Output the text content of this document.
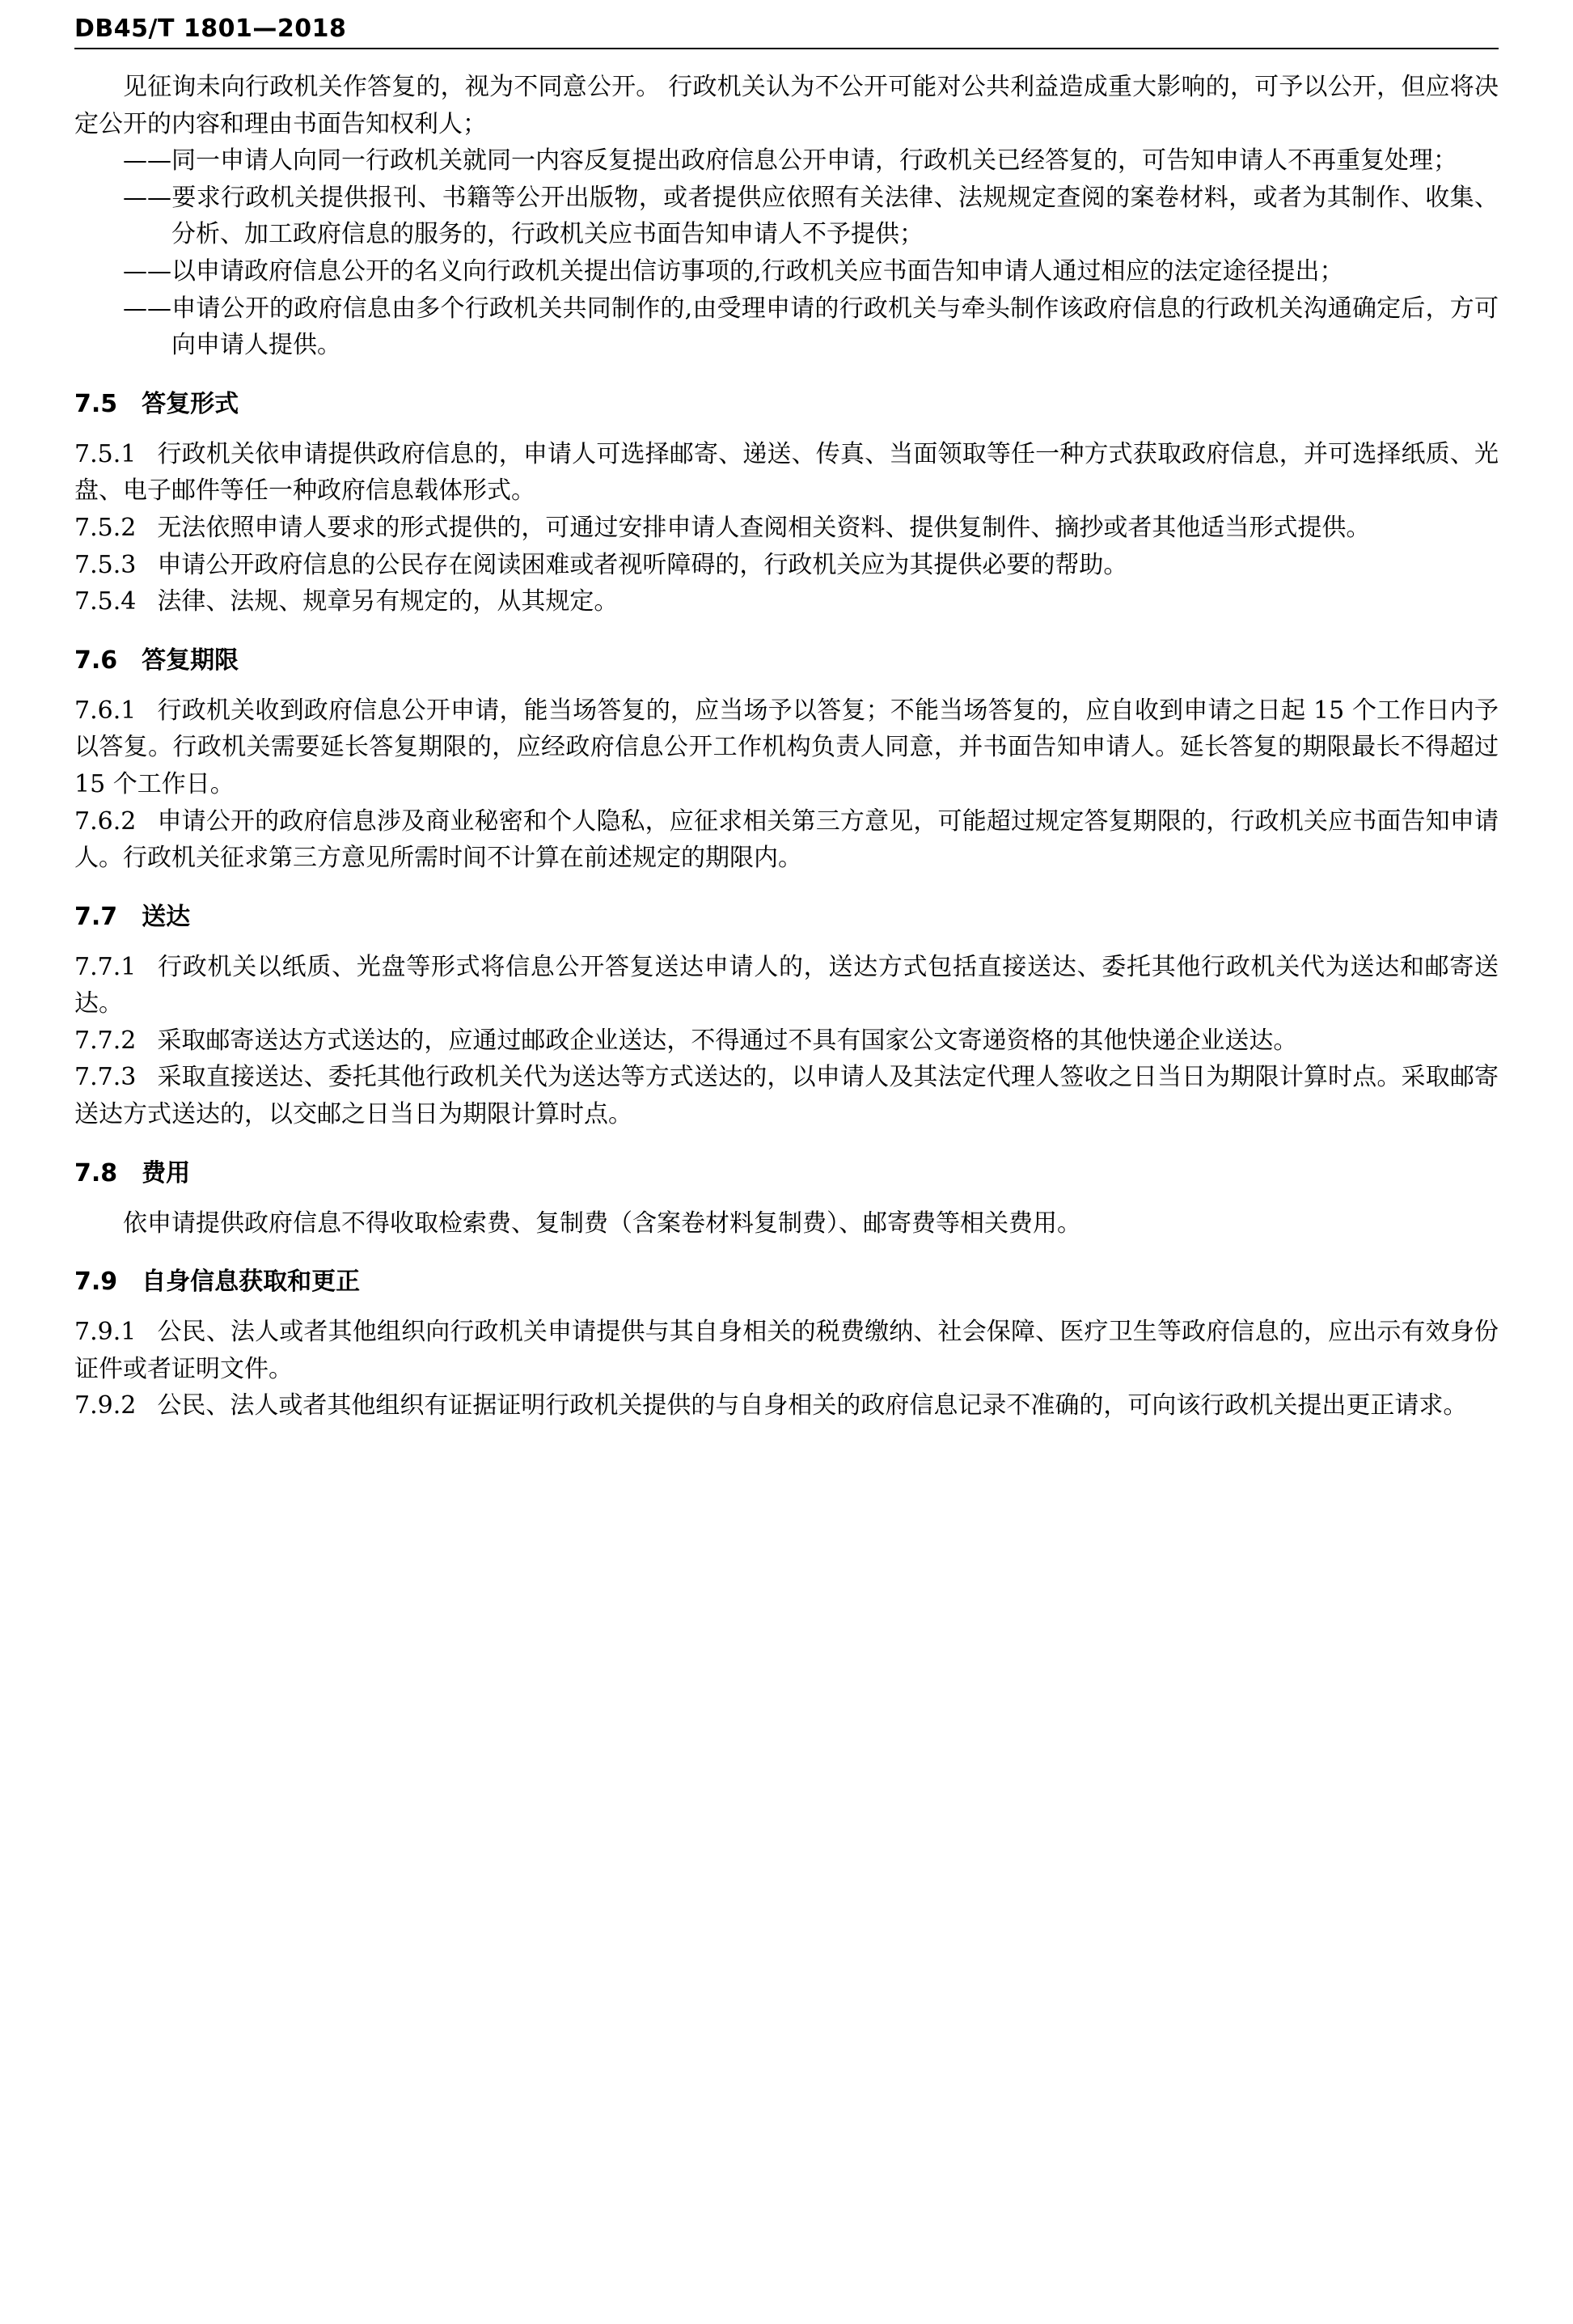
DB45/T 1801—2018

见征询未向行政机关作答复的，视为不同意公开。 行政机关认为不公开可能对公共利益造成重大影响的，可予以公开，但应将决定公开的内容和理由书面告知权利人；

——同一申请人向同一行政机关就同一内容反复提出政府信息公开申请，行政机关已经答复的，可告知申请人不再重复处理；

——要求行政机关提供报刊、书籍等公开出版物，或者提供应依照有关法律、法规规定查阅的案卷材料，或者为其制作、收集、分析、加工政府信息的服务的，行政机关应书面告知申请人不予提供；

——以申请政府信息公开的名义向行政机关提出信访事项的,行政机关应书面告知申请人通过相应的法定途径提出；

——申请公开的政府信息由多个行政机关共同制作的,由受理申请的行政机关与牵头制作该政府信息的行政机关沟通确定后，方可向申请人提供。

7.5 答复形式

7.5.1 行政机关依申请提供政府信息的，申请人可选择邮寄、递送、传真、当面领取等任一种方式获取政府信息，并可选择纸质、光盘、电子邮件等任一种政府信息载体形式。

7.5.2 无法依照申请人要求的形式提供的，可通过安排申请人查阅相关资料、提供复制件、摘抄或者其他适当形式提供。

7.5.3 申请公开政府信息的公民存在阅读困难或者视听障碍的，行政机关应为其提供必要的帮助。

7.5.4 法律、法规、规章另有规定的，从其规定。

7.6 答复期限

7.6.1 行政机关收到政府信息公开申请，能当场答复的，应当场予以答复；不能当场答复的，应自收到申请之日起 15 个工作日内予以答复。行政机关需要延长答复期限的，应经政府信息公开工作机构负责人同意，并书面告知申请人。延长答复的期限最长不得超过 15 个工作日。

7.6.2 申请公开的政府信息涉及商业秘密和个人隐私，应征求相关第三方意见，可能超过规定答复期限的，行政机关应书面告知申请人。行政机关征求第三方意见所需时间不计算在前述规定的期限内。

7.7 送达

7.7.1 行政机关以纸质、光盘等形式将信息公开答复送达申请人的，送达方式包括直接送达、委托其他行政机关代为送达和邮寄送达。

7.7.2 采取邮寄送达方式送达的，应通过邮政企业送达，不得通过不具有国家公文寄递资格的其他快递企业送达。

7.7.3 采取直接送达、委托其他行政机关代为送达等方式送达的，以申请人及其法定代理人签收之日当日为期限计算时点。采取邮寄送达方式送达的，以交邮之日当日为期限计算时点。

7.8 费用

依申请提供政府信息不得收取检索费、复制费（含案卷材料复制费）、邮寄费等相关费用。

7.9 自身信息获取和更正

7.9.1 公民、法人或者其他组织向行政机关申请提供与其自身相关的税费缴纳、社会保障、医疗卫生等政府信息的，应出示有效身份证件或者证明文件。

7.9.2 公民、法人或者其他组织有证据证明行政机关提供的与自身相关的政府信息记录不准确的，可向该行政机关提出更正请求。
